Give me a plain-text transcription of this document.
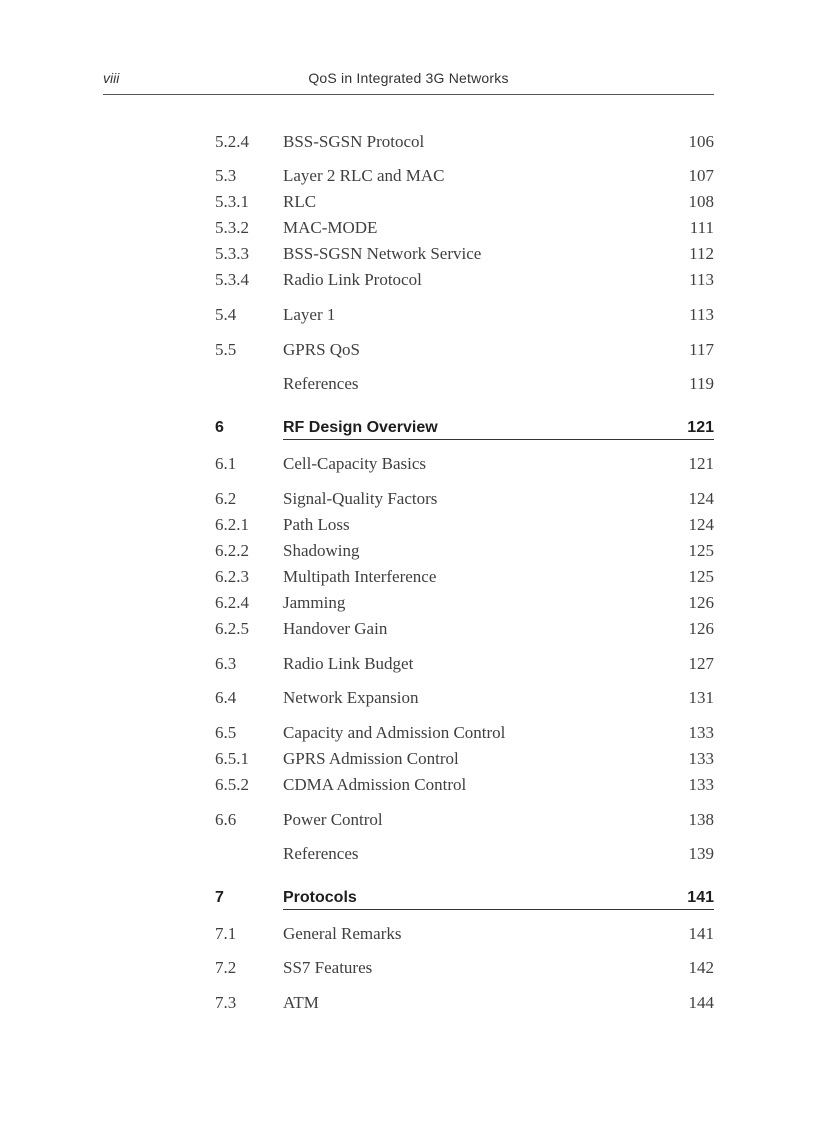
viii	QoS in Integrated 3G Networks
5.2.4 BSS-SGSN Protocol	106
5.3	Layer 2 RLC and MAC	107
5.3.1 RLC	108
5.3.2 MAC-MODE	111
5.3.3 BSS-SGSN Network Service	112
5.3.4 Radio Link Protocol	113
5.4	Layer 1	113
5.5	GPRS QoS	117
References	119
6	RF Design Overview	121
6.1	Cell-Capacity Basics	121
6.2	Signal-Quality Factors	124
6.2.1 Path Loss	124
6.2.2 Shadowing	125
6.2.3 Multipath Interference	125
6.2.4 Jamming	126
6.2.5 Handover Gain	126
6.3	Radio Link Budget	127
6.4	Network Expansion	131
6.5	Capacity and Admission Control	133
6.5.1 GPRS Admission Control	133
6.5.2 CDMA Admission Control	133
6.6	Power Control	138
References	139
7	Protocols	141
7.1	General Remarks	141
7.2	SS7 Features	142
7.3	ATM	144
